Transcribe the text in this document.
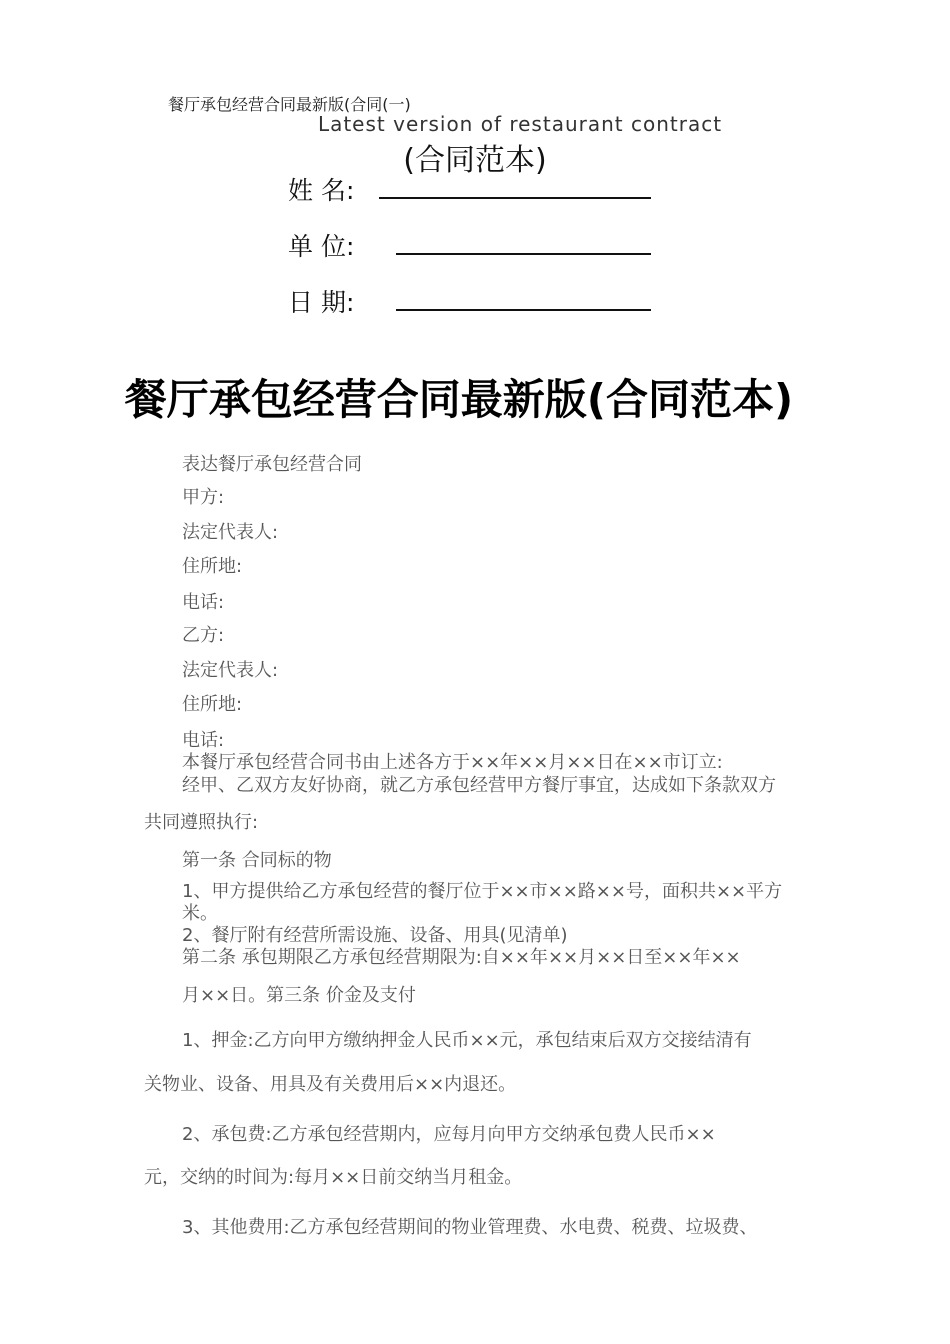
餐厅承包经营合同最新版(合同(一)
Latest version of restaurant contract
(合同范本)
姓 名:
单 位:
日 期:
餐厅承包经营合同最新版(合同范本)
表达餐厅承包经营合同
甲方:
法定代表人:
住所地:
电话:
乙方:
法定代表人:
住所地:
电话:
本餐厅承包经营合同书由上述各方于××年××月××日在××市订立:
经甲、乙双方友好协商，就乙方承包经营甲方餐厅事宜，达成如下条款双方
共同遵照执行:
第一条 合同标的物
1、甲方提供给乙方承包经营的餐厅位于××市××路××号，面积共××平方
米。
2、餐厅附有经营所需设施、设备、用具(见清单)
第二条 承包期限乙方承包经营期限为:自××年××月××日至××年××
月××日。第三条 价金及支付
1、押金:乙方向甲方缴纳押金人民币××元，承包结束后双方交接结清有
关物业、设备、用具及有关费用后××内退还。
2、承包费:乙方承包经营期内，应每月向甲方交纳承包费人民币××
元，交纳的时间为:每月××日前交纳当月租金。
3、其他费用:乙方承包经营期间的物业管理费、水电费、税费、垃圾费、
